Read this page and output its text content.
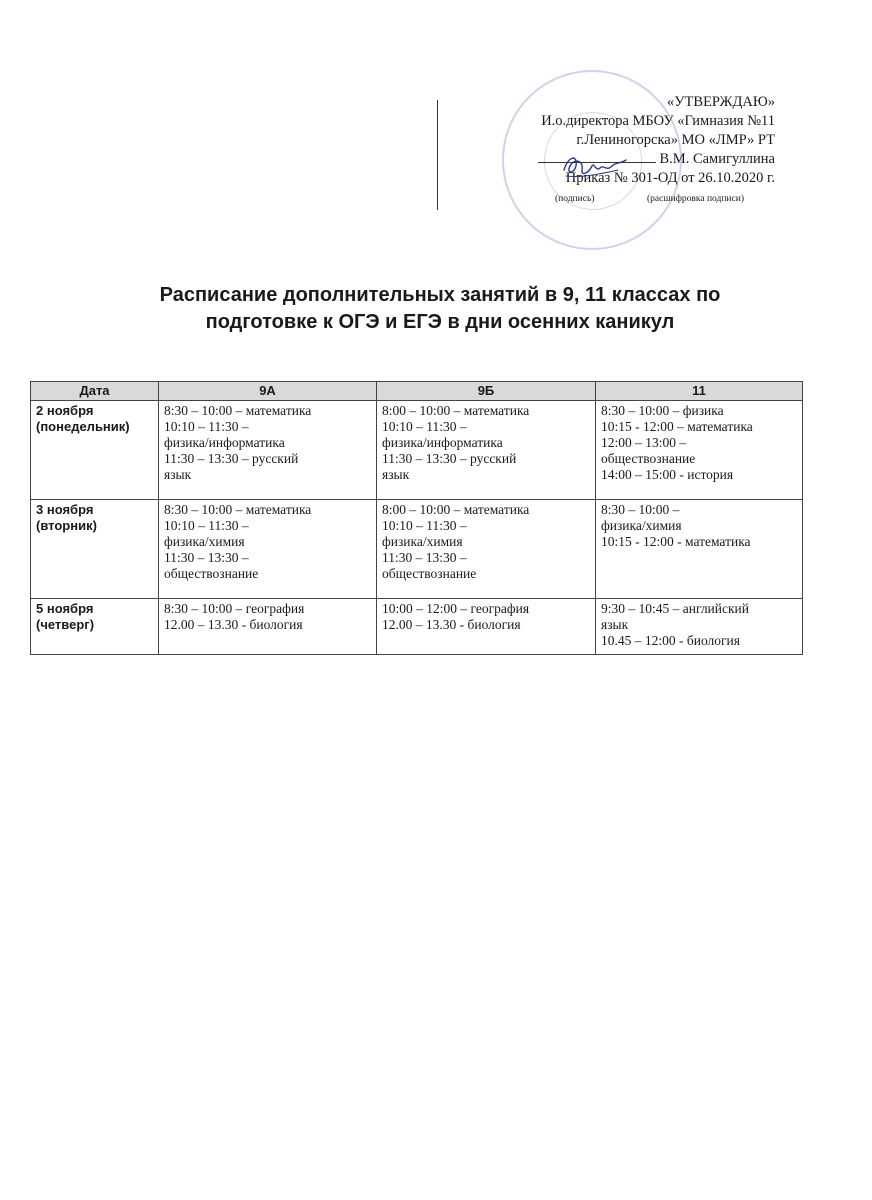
«УТВЕРЖДАЮ»
И.о.директора МБОУ «Гимназия №11
г.Лениногорска» МО «ЛМР» РТ
В.М. Самигуллина
Приказ № 301-ОД от 26.10.2020 г.
(подпись)	(расшифровка подписи)
Расписание дополнительных занятий в 9, 11 классах по
подготовке к ОГЭ и ЕГЭ в дни осенних каникул
Дата	9А	9Б	11

2 ноября
(понедельник)	8:30 – 10:00 – математика
10:10 – 11:30 –
физика/информатика
11:30 – 13:30 – русский
язык	8:00 – 10:00 – математика
10:10 – 11:30 –
физика/информатика
11:30 – 13:30 – русский
язык	8:30 – 10:00 – физика
10:15 - 12:00 – математика
12:00 – 13:00 –
обществознание
14:00 – 15:00 - история

3 ноября
(вторник)	8:30 – 10:00 – математика
10:10 – 11:30 –
физика/химия
11:30 – 13:30 –
обществознание	8:00 – 10:00 – математика
10:10 – 11:30 –
физика/химия
11:30 – 13:30 –
обществознание	8:30 – 10:00 –
физика/химия
10:15 - 12:00 - математика

5 ноября
(четверг)	8:30 – 10:00 – география
12.00 – 13.30 - биология	10:00 – 12:00 – география
12.00 – 13.30 - биология	9:30 – 10:45 – английский
язык
10.45 – 12:00 - биология
